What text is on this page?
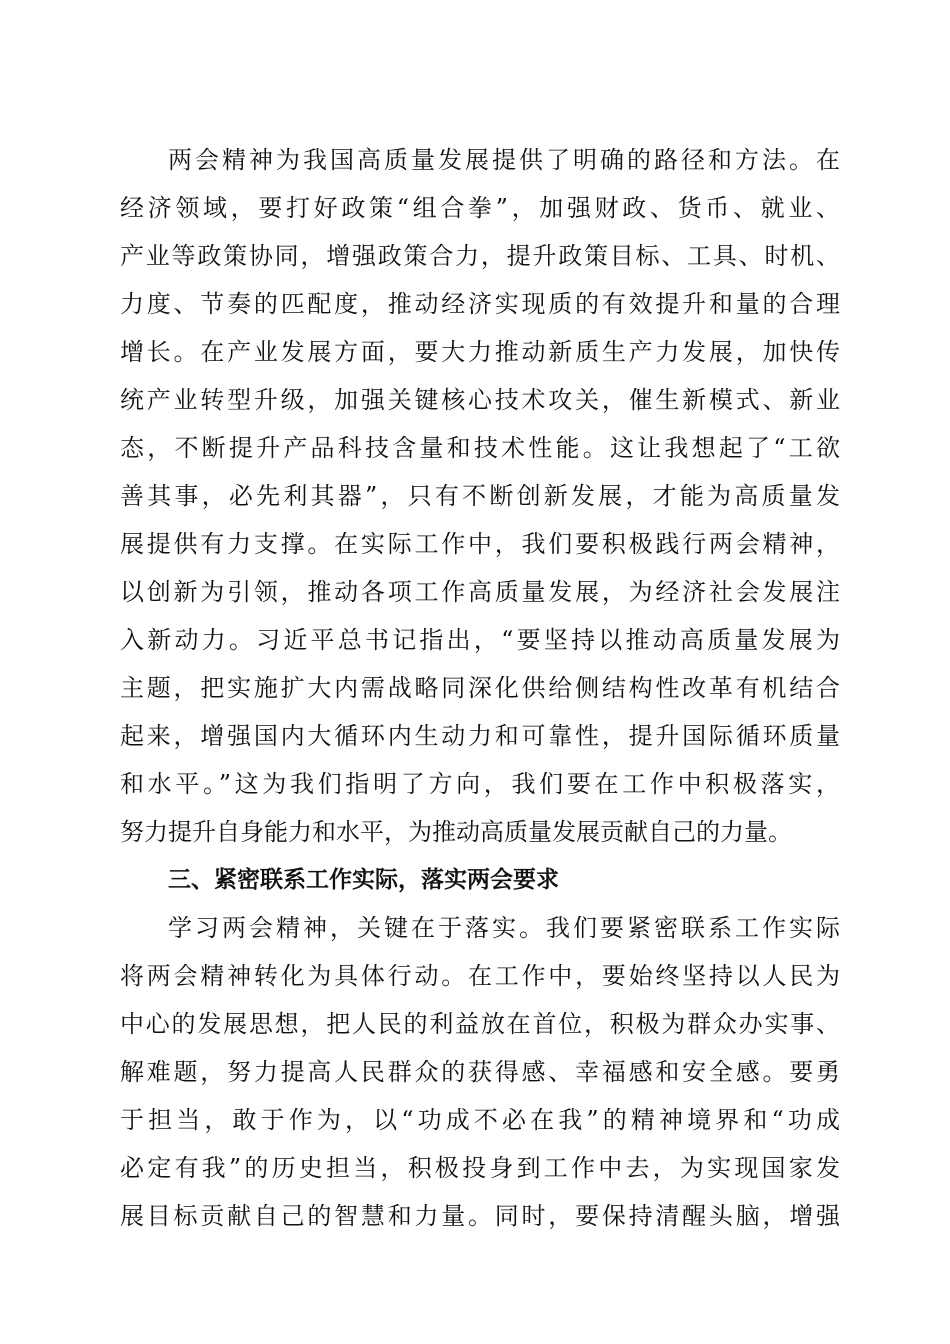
两会精神为我国高质量发展提供了明确的路径和方法。在
经济领域，要打好政策“组合拳”，加强财政、货币、就业、
产业等政策协同，增强政策合力，提升政策目标、工具、时机、
力度、节奏的匹配度，推动经济实现质的有效提升和量的合理
增长。在产业发展方面，要大力推动新质生产力发展，加快传
统产业转型升级，加强关键核心技术攻关，催生新模式、新业
态，不断提升产品科技含量和技术性能。这让我想起了“工欲
善其事，必先利其器”，只有不断创新发展，才能为高质量发
展提供有力支撑。在实际工作中，我们要积极践行两会精神，
以创新为引领，推动各项工作高质量发展，为经济社会发展注
入新动力。习近平总书记指出，“要坚持以推动高质量发展为
主题，把实施扩大内需战略同深化供给侧结构性改革有机结合
起来，增强国内大循环内生动力和可靠性，提升国际循环质量
和水平。”这为我们指明了方向，我们要在工作中积极落实，
努力提升自身能力和水平，为推动高质量发展贡献自己的力量。
三、紧密联系工作实际，落实两会要求
学习两会精神，关键在于落实。我们要紧密联系工作实际
将两会精神转化为具体行动。在工作中，要始终坚持以人民为
中心的发展思想，把人民的利益放在首位，积极为群众办实事、
解难题，努力提高人民群众的获得感、幸福感和安全感。要勇
于担当，敢于作为，以“功成不必在我”的精神境界和“功成
必定有我”的历史担当，积极投身到工作中去，为实现国家发
展目标贡献自己的智慧和力量。同时，要保持清醒头脑，增强
